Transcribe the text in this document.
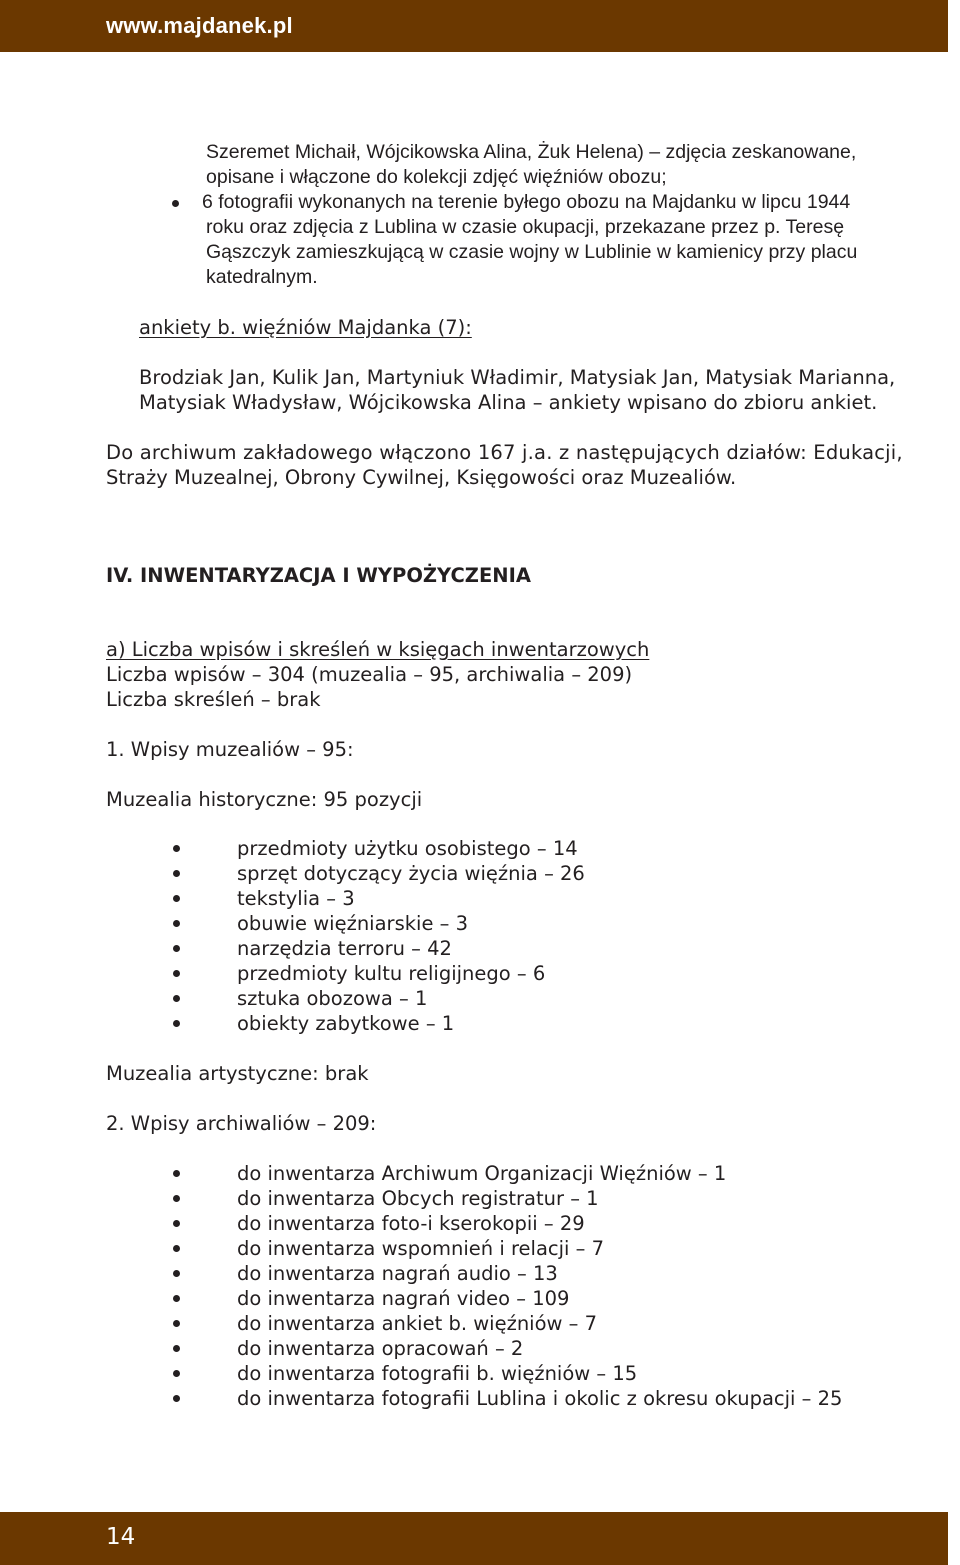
www.majdanek.pl
Szeremet Michaił, Wójcikowska Alina, Żuk Helena) – zdjęcia zeskanowane,
opisane i włączone do kolekcji zdjęć więźniów obozu;
6 fotografii wykonanych na terenie byłego obozu na Majdanku w lipcu 1944
roku oraz zdjęcia z Lublina w czasie okupacji, przekazane przez p. Teresę
Gąszczyk zamieszkującą w czasie wojny w Lublinie w kamienicy przy placu
katedralnym.
ankiety b. więźniów Majdanka (7):
Brodziak Jan, Kulik Jan, Martyniuk Władimir, Matysiak Jan, Matysiak Marianna,
Matysiak Władysław, Wójcikowska Alina – ankiety wpisano do zbioru ankiet.
Do archiwum zakładowego włączono 167 j.a. z następujących działów: Edukacji,
Straży Muzealnej, Obrony Cywilnej, Księgowości oraz Muzealiów.
IV. INWENTARYZACJA I WYPOŻYCZENIA
a) Liczba wpisów i skreśleń w księgach inwentarzowych
Liczba wpisów – 304 (muzealia – 95, archiwalia – 209)
Liczba skreśleń – brak
1. Wpisy muzealiów – 95:
Muzealia historyczne: 95 pozycji
przedmioty użytku osobistego – 14
sprzęt dotyczący życia więźnia – 26
tekstylia – 3
obuwie więźniarskie – 3
narzędzia terroru – 42
przedmioty kultu religijnego – 6
sztuka obozowa – 1
obiekty zabytkowe – 1
Muzealia artystyczne: brak
2. Wpisy archiwaliów – 209:
do inwentarza Archiwum Organizacji Więźniów – 1
do inwentarza Obcych registratur – 1
do inwentarza foto-i kserokopii – 29
do inwentarza wspomnień i relacji – 7
do inwentarza nagrań audio – 13
do inwentarza nagrań video – 109
do inwentarza ankiet b. więźniów – 7
do inwentarza opracowań – 2
do inwentarza fotografii b. więźniów – 15
do inwentarza fotografii Lublina i okolic z okresu okupacji – 25
14
